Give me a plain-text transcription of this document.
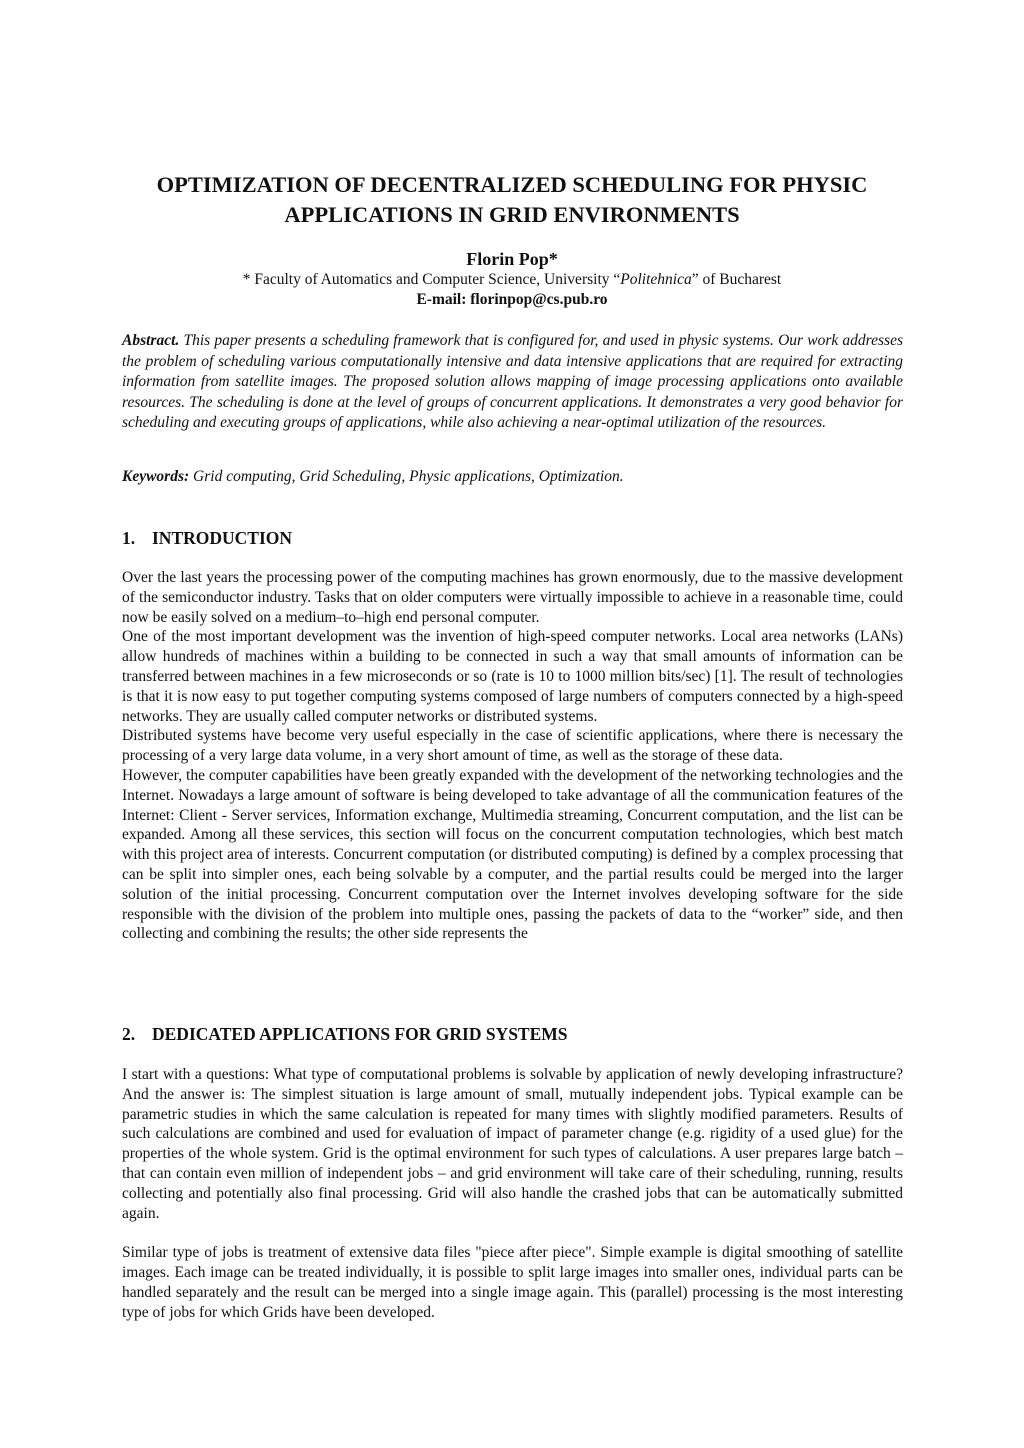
OPTIMIZATION OF DECENTRALIZED SCHEDULING FOR PHYSIC
APPLICATIONS IN GRID ENVIRONMENTS
Florin Pop*
* Faculty of Automatics and Computer Science, University “Politehnica” of Bucharest
E-mail: florinpop@cs.pub.ro

Abstract. This paper presents a scheduling framework that is configured for, and used in physic systems. Our work addresses the problem of scheduling various computationally intensive and data intensive applications that are required for extracting information from satellite images. The proposed solution allows mapping of image processing applications onto available resources. The scheduling is done at the level of groups of concurrent applications. It demonstrates a very good behavior for scheduling and executing groups of applications, while also achieving a near-optimal utilization of the resources.

Keywords: Grid computing, Grid Scheduling, Physic applications, Optimization.

1. INTRODUCTION

Over the last years the processing power of the computing machines has grown enormously, due to the massive development of the semiconductor industry. Tasks that on older computers were virtually impossible to achieve in a reasonable time, could now be easily solved on a medium–to–high end personal computer.

One of the most important development was the invention of high-speed computer networks. Local area networks (LANs) allow hundreds of machines within a building to be connected in such a way that small amounts of information can be transferred between machines in a few microseconds or so (rate is 10 to 1000 million bits/sec) [1]. The result of technologies is that it is now easy to put together computing systems composed of large numbers of computers connected by a high-speed networks. They are usually called computer networks or distributed systems.

Distributed systems have become very useful especially in the case of scientific applications, where there is necessary the processing of a very large data volume, in a very short amount of time, as well as the storage of these data.

However, the computer capabilities have been greatly expanded with the development of the networking technologies and the Internet. Nowadays a large amount of software is being developed to take advantage of all the communication features of the Internet: Client - Server services, Information exchange, Multimedia streaming, Concurrent computation, and the list can be expanded. Among all these services, this section will focus on the concurrent computation technologies, which best match with this project area of interests. Concurrent computation (or distributed computing) is defined by a complex processing that can be split into simpler ones, each being solvable by a computer, and the partial results could be merged into the larger solution of the initial processing. Concurrent computation over the Internet involves developing software for the side responsible with the division of the problem into multiple ones, passing the packets of data to the “worker” side, and then collecting and combining the results; the other side represents the

2. DEDICATED APPLICATIONS FOR GRID SYSTEMS

I start with a questions: What type of computational problems is solvable by application of newly developing infrastructure? And the answer is: The simplest situation is large amount of small, mutually independent jobs. Typical example can be parametric studies in which the same calculation is repeated for many times with slightly modified parameters. Results of such calculations are combined and used for evaluation of impact of parameter change (e.g. rigidity of a used glue) for the properties of the whole system. Grid is the optimal environment for such types of calculations. A user prepares large batch – that can contain even million of independent jobs – and grid environment will take care of their scheduling, running, results collecting and potentially also final processing. Grid will also handle the crashed jobs that can be automatically submitted again.

Similar type of jobs is treatment of extensive data files "piece after piece". Simple example is digital smoothing of satellite images. Each image can be treated individually, it is possible to split large images into smaller ones, individual parts can be handled separately and the result can be merged into a single image again. This (parallel) processing is the most interesting type of jobs for which Grids have been developed.
